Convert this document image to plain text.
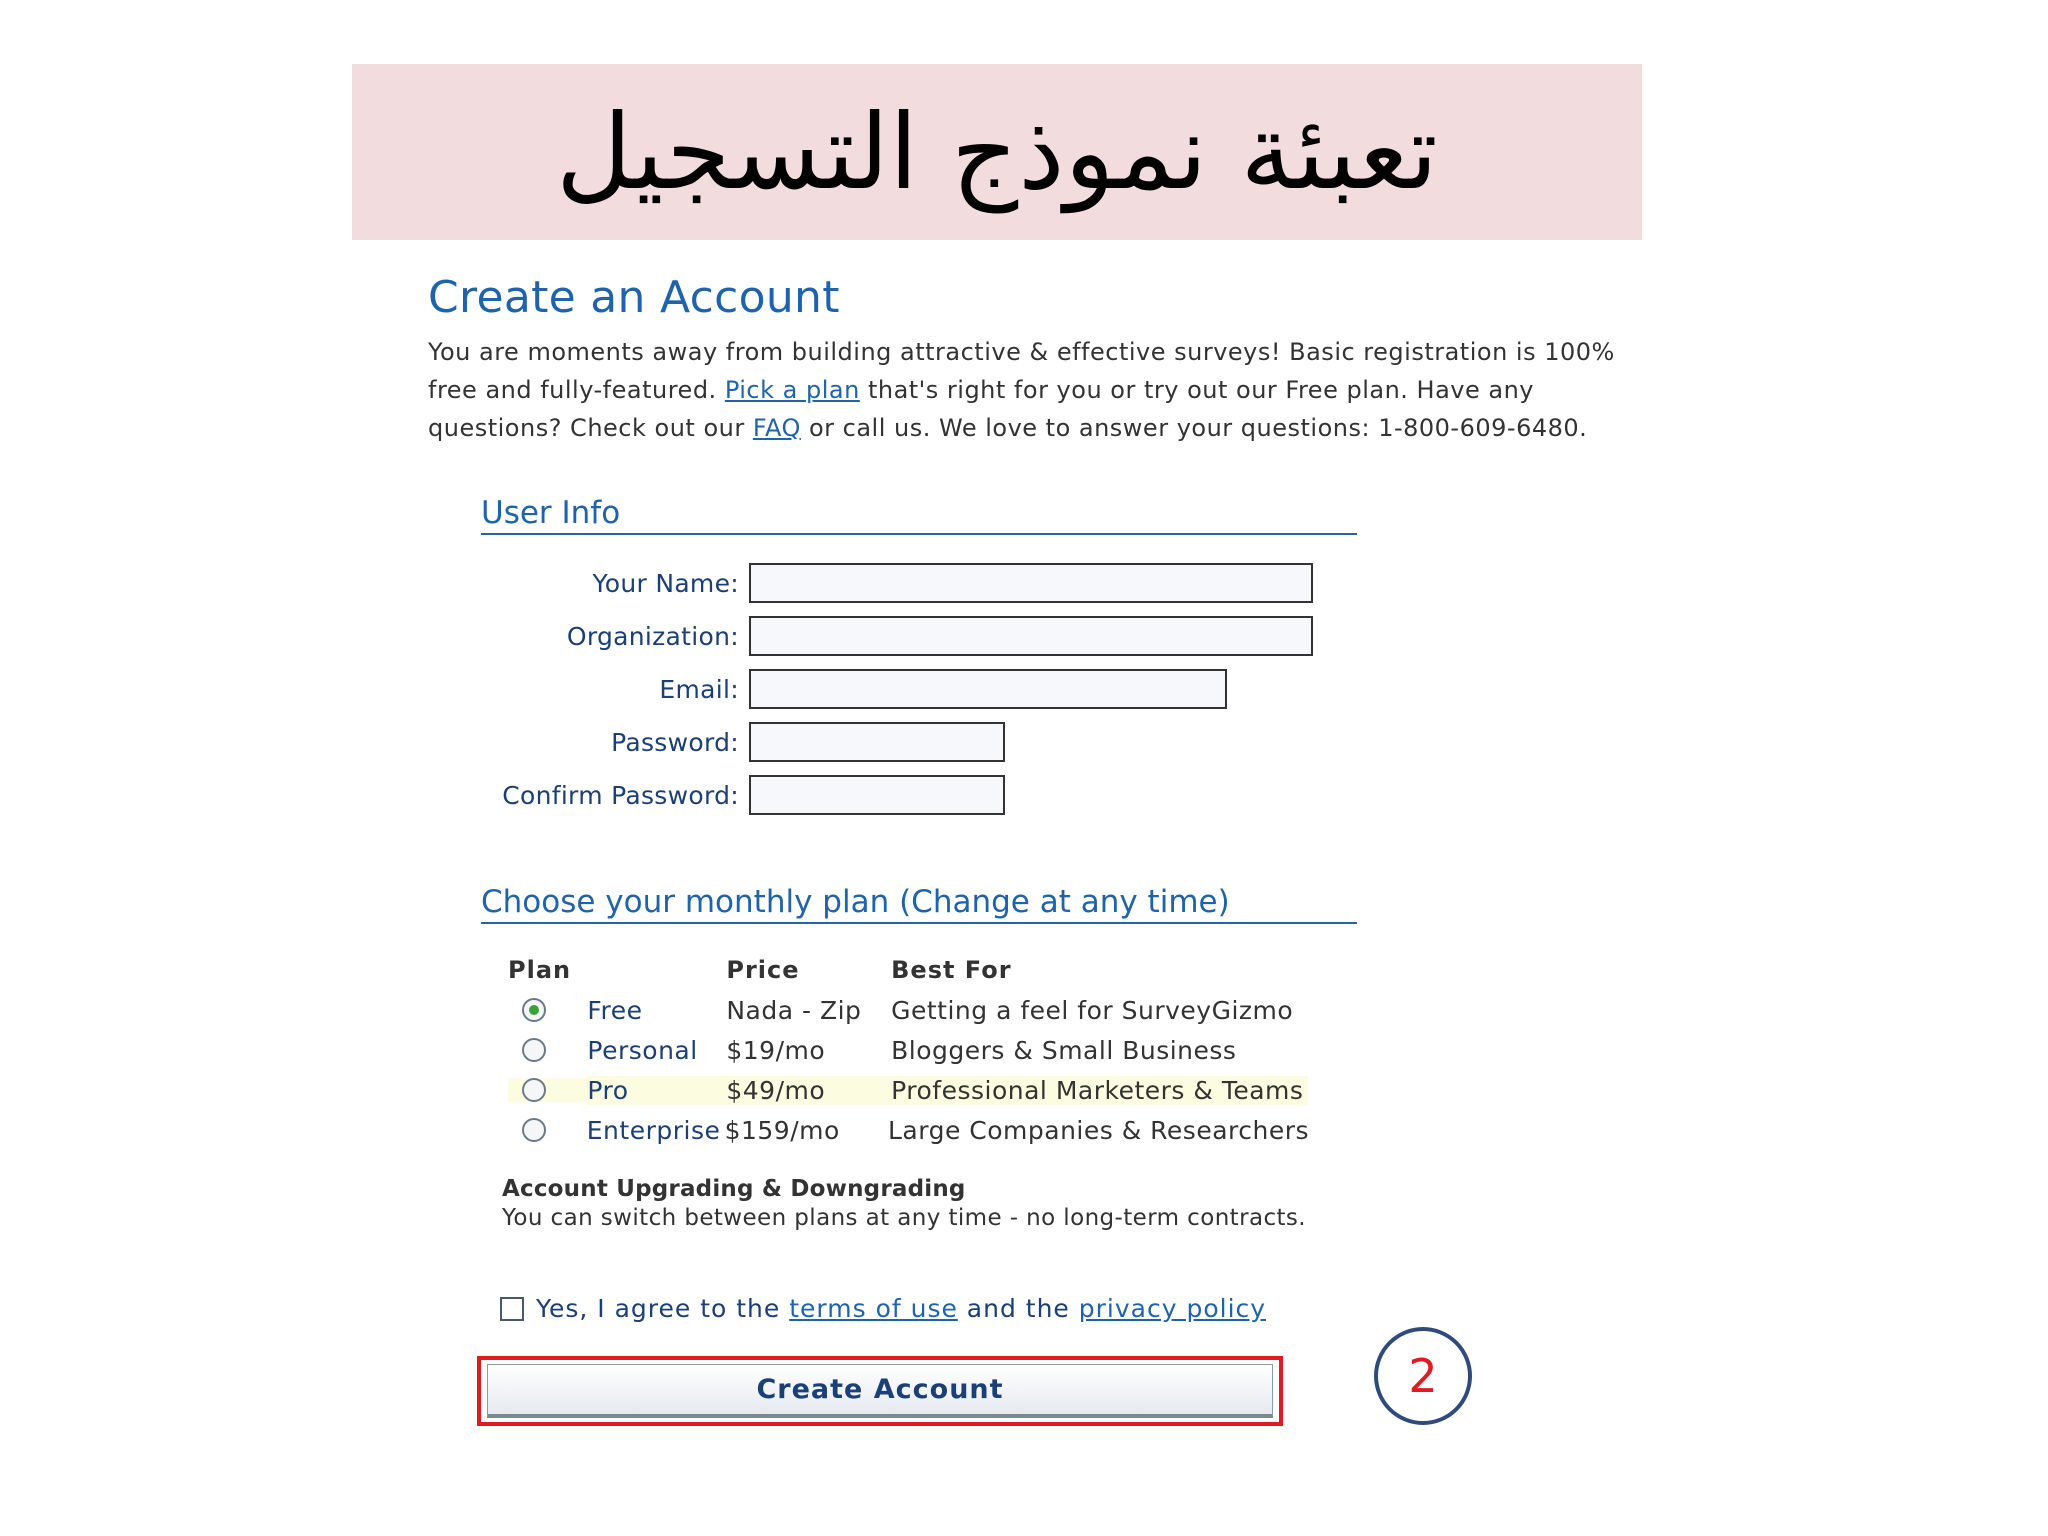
تعبئة نموذج التسجيل
Create an Account
You are moments away from building attractive & effective surveys! Basic registration is 100% free and fully-featured. Pick a plan that's right for you or try out our Free plan. Have any questions? Check out our FAQ or call us. We love to answer your questions: 1-800-609-6480.
User Info
Your Name:
Organization:
Email:
Password:
Confirm Password:
Choose your monthly plan (Change at any time)
Plan	Price	Best For
Free	Nada - Zip	Getting a feel for SurveyGizmo
Personal	$19/mo	Bloggers & Small Business
Pro	$49/mo	Professional Marketers & Teams
Enterprise $159/mo	Large Companies & Researchers
Account Upgrading & Downgrading
You can switch between plans at any time - no long-term contracts.
Yes, I agree to the terms of use and the privacy policy
Create Account	2
